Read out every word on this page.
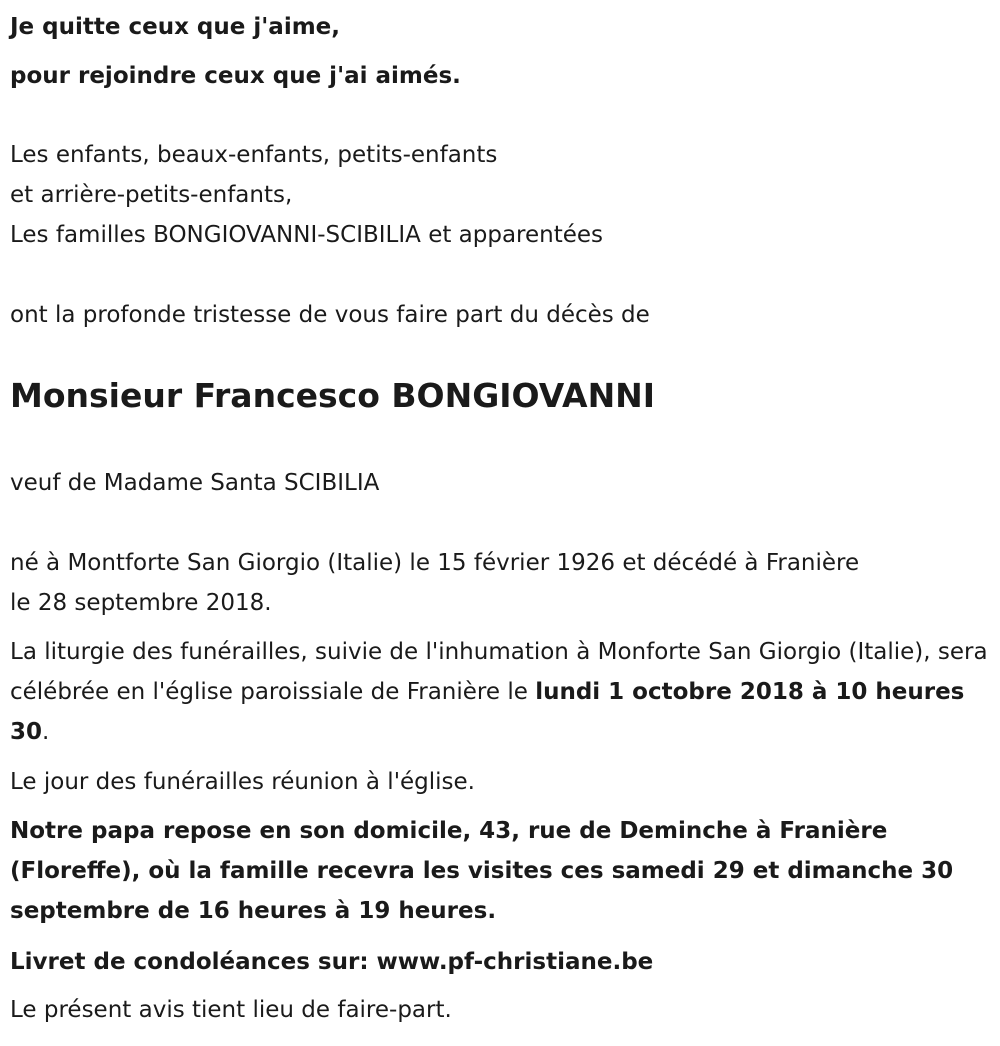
Je quitte ceux que j'aime,
pour rejoindre ceux que j'ai aimés.
Les enfants, beaux-enfants, petits-enfants
et arrière-petits-enfants,
Les familles BONGIOVANNI-SCIBILIA et apparentées
ont la profonde tristesse de vous faire part du décès de
Monsieur Francesco BONGIOVANNI
veuf de Madame Santa SCIBILIA
né à Montforte San Giorgio (Italie) le 15 février 1926 et décédé à Franière
le 28 septembre 2018.
La liturgie des funérailles, suivie de l'inhumation à Monforte San Giorgio (Italie), sera célébrée en l'église paroissiale de Franière le lundi 1 octobre 2018 à 10 heures 30.
Le jour des funérailles réunion à l'église.
Notre papa repose en son domicile, 43, rue de Deminche à Franière (Floreffe), où la famille recevra les visites ces samedi 29 et dimanche 30 septembre de 16 heures à 19 heures.
Livret de condoléances sur: www.pf-christiane.be
Le présent avis tient lieu de faire-part.
